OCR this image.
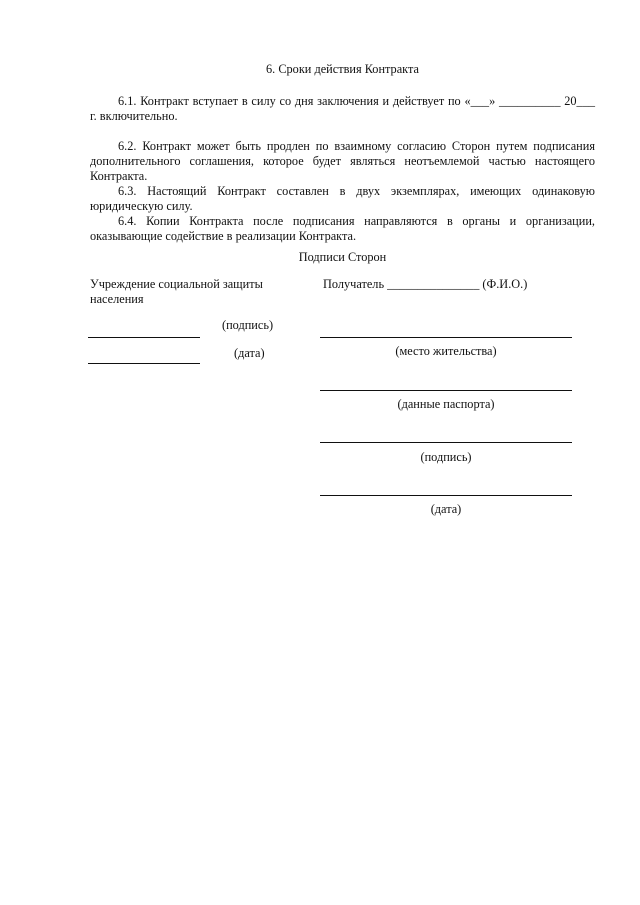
6. Сроки действия Контракта

6.1. Контракт вступает в силу со дня заключения и действует по «___» __________ 20___ г. включительно.

6.2. Контракт может быть продлен по взаимному согласию Сторон путем подписания дополнительного соглашения, которое будет являться неотъемлемой частью настоящего Контракта.

6.3. Настоящий Контракт составлен в двух экземплярах, имеющих одинаковую юридическую силу.

6.4. Копии Контракта после подписания направляются в органы и организации, оказывающие содействие в реализации Контракта.

Подписи Сторон
Учреждение социальной защиты населения
(подпись)
(дата)
Получатель _______________ (Ф.И.О.)
(место жительства)
(данные паспорта)
(подпись)
(дата)
